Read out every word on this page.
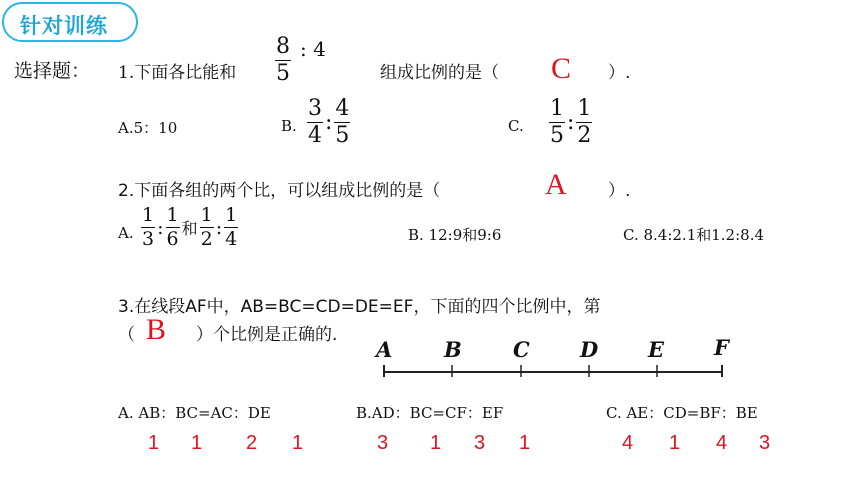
针对训练
选择题： 1.下面各比能和 $\frac{8}{5}$ : 4
组成比例的是（ C ）.
A.5：10	B. $\frac{3}{4}$ : $\frac{4}{5}$	C. $\frac{1}{5}$ : $\frac{1}{2}$
2.下面各组的两个比，可以组成比例的是（	A ）.
A. $\frac{1}{3}$ : $\frac{1}{6}$ 和 $\frac{1}{2}$ : $\frac{1}{4}$	B. 12:9和9:6	C. 8.4:2.1和1.2:8.4
3.在线段AF中，AB=BC=CD=DE=EF，下面的四个比例中，第
（ B ）个比例是正确的.
A B C D E F
A. AB：BC=AC：DE	B.AD：BC=CF：EF	C. AE：CD=BF：BE
1 1 2 1	3 1 3 1	4 1 4 3
